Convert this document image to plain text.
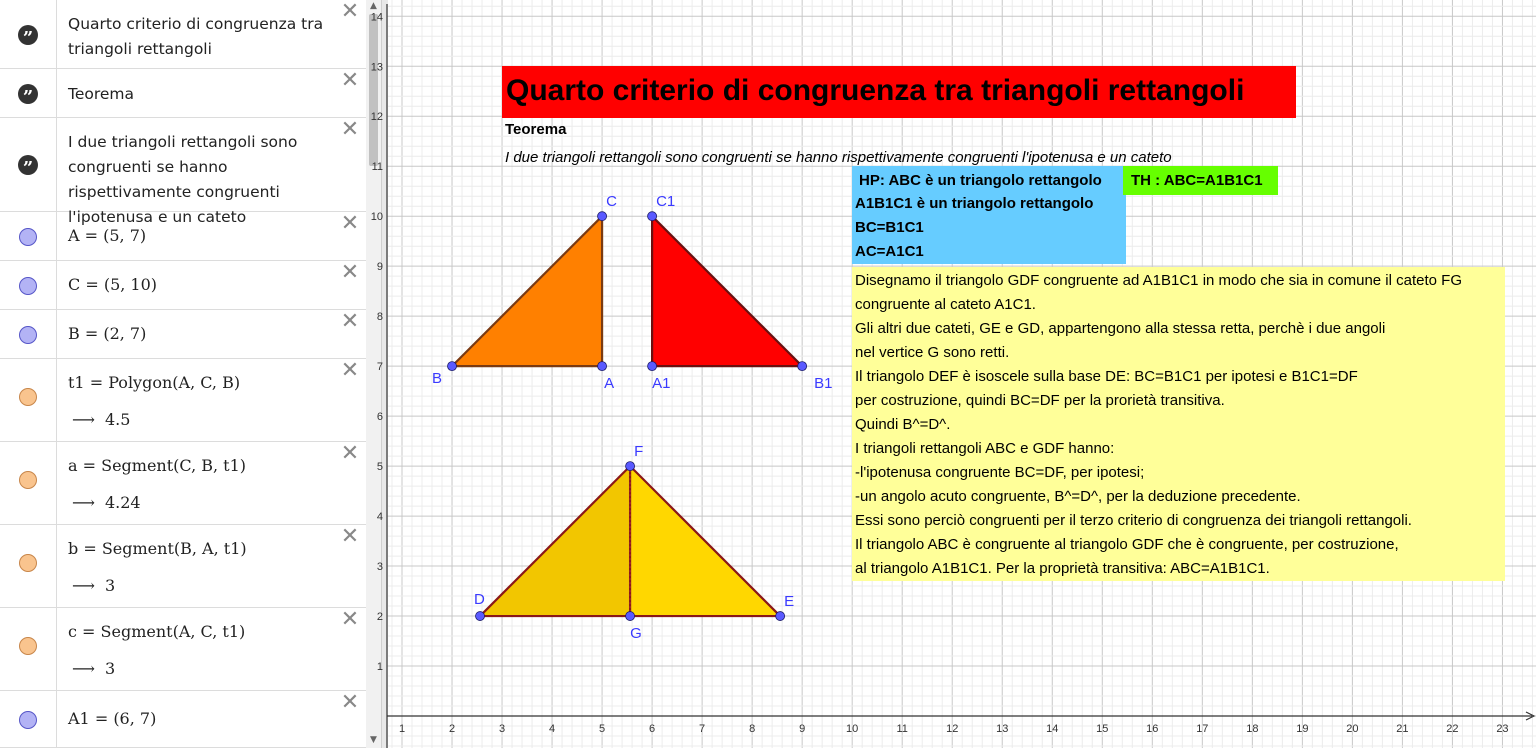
”
✕
Quarto criterio di congruenza tra triangoli rettangoli
”
✕
Teorema
”
✕
I due triangoli rettangoli sono congruenti se hanno rispettivamente congruenti l'ipotenusa e un cateto	✕
A = (5, 7)
✕
C = (5, 10)
✕
B = (2, 7)
✕
t1 = Polygon(A, C, B)
⟶ 4.5
✕
a = Segment(C, B, t1)
⟶ 4.24
✕
b = Segment(B, A, t1)
⟶ 3
✕
c = Segment(A, C, t1)
⟶ 3
✕
A1 = (6, 7)
▲
▼
1	2	3	4	5	6	7	8	9	10	11	12	13	14	15	16	17	18	19	20	21	22	23
1
2
3
4
5
6
7
8
9
10
11
12
13
14
Quarto criterio di congruenza tra triangoli rettangoli
Teorema
I due triangoli rettangoli sono congruenti se hanno rispettivamente congruenti l'ipotenusa e un cateto
HP: ABC è un triangolo rettangolo
A1B1C1 è un triangolo rettangolo
BC=B1C1
AC=A1C1
TH : ABC=A1B1C1
Disegnamo il triangolo GDF congruente ad A1B1C1 in modo che sia in comune il cateto FG
congruente al cateto A1C1.
Gli altri due cateti, GE e GD, appartengono alla stessa retta, perchè i due angoli
nel vertice G sono retti.
Il triangolo DEF è isoscele sulla base DE: BC=B1C1 per ipotesi e B1C1=DF
per costruzione, quindi BC=DF per la prorietà transitiva.
Quindi B^=D^.
I triangoli rettangoli ABC e GDF hanno:
-l'ipotenusa congruente BC=DF, per ipotesi;
-un angolo acuto congruente, B^=D^, per la deduzione precedente.
Essi sono perciò congruenti per il terzo criterio di congruenza dei triangoli rettangoli.
Il triangolo ABC è congruente al triangolo GDF che è congruente, per costruzione,
al triangolo A1B1C1. Per la proprietà transitiva: ABC=A1B1C1.
A
C
B	A1
C1
B1
F
G
D	E
